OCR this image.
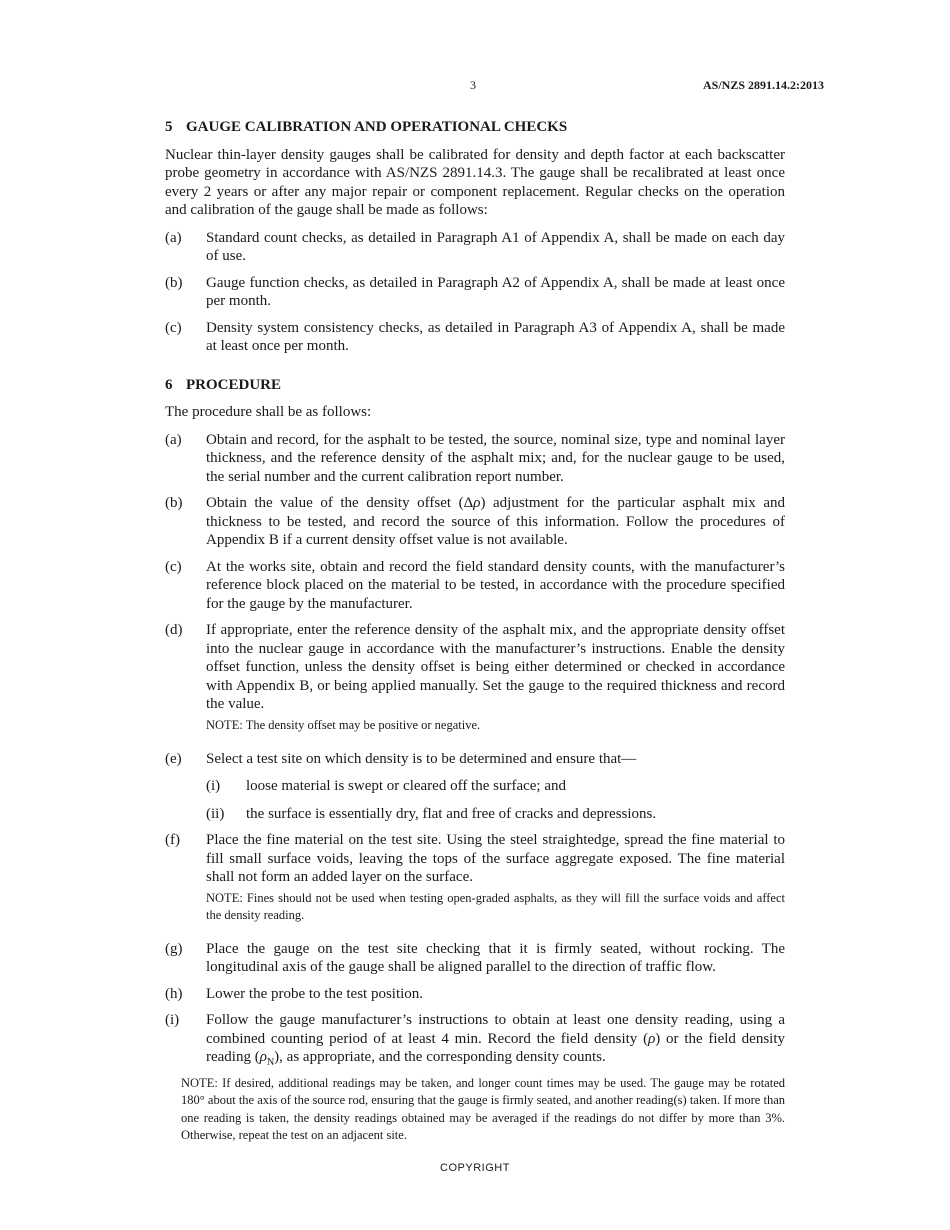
3	AS/NZS 2891.14.2:2013
5 GAUGE CALIBRATION AND OPERATIONAL CHECKS
Nuclear thin-layer density gauges shall be calibrated for density and depth factor at each backscatter probe geometry in accordance with AS/NZS 2891.14.3. The gauge shall be recalibrated at least once every 2 years or after any major repair or component replacement. Regular checks on the operation and calibration of the gauge shall be made as follows:
(a)	Standard count checks, as detailed in Paragraph A1 of Appendix A, shall be made on each day of use.
(b)	Gauge function checks, as detailed in Paragraph A2 of Appendix A, shall be made at least once per month.
(c)	Density system consistency checks, as detailed in Paragraph A3 of Appendix A, shall be made at least once per month.
6 PROCEDURE
The procedure shall be as follows:
(a)	Obtain and record, for the asphalt to be tested, the source, nominal size, type and nominal layer thickness, and the reference density of the asphalt mix; and, for the nuclear gauge to be used, the serial number and the current calibration report number.
(b)	Obtain the value of the density offset (Δρ) adjustment for the particular asphalt mix and thickness to be tested, and record the source of this information. Follow the procedures of Appendix B if a current density offset value is not available.
(c)	At the works site, obtain and record the field standard density counts, with the manufacturer’s reference block placed on the material to be tested, in accordance with the procedure specified for the gauge by the manufacturer.
(d)	If appropriate, enter the reference density of the asphalt mix, and the appropriate density offset into the nuclear gauge in accordance with the manufacturer’s instructions. Enable the density offset function, unless the density offset is being either determined or checked in accordance with Appendix B, or being applied manually. Set the gauge to the required thickness and record the value.
NOTE: The density offset may be positive or negative.
(e)	Select a test site on which density is to be determined and ensure that—
(i)	loose material is swept or cleared off the surface; and
(ii)	the surface is essentially dry, flat and free of cracks and depressions.
(f)	Place the fine material on the test site. Using the steel straightedge, spread the fine material to fill small surface voids, leaving the tops of the surface aggregate exposed. The fine material shall not form an added layer on the surface.
NOTE: Fines should not be used when testing open-graded asphalts, as they will fill the surface voids and affect the density reading.
(g)	Place the gauge on the test site checking that it is firmly seated, without rocking. The longitudinal axis of the gauge shall be aligned parallel to the direction of traffic flow.
(h)	Lower the probe to the test position.
(i)	Follow the gauge manufacturer’s instructions to obtain at least one density reading, using a combined counting period of at least 4 min. Record the field density (ρ) or the field density reading $(\rho_N)$, as appropriate, and the corresponding density counts.
NOTE: If desired, additional readings may be taken, and longer count times may be used. The gauge may be rotated 180° about the axis of the source rod, ensuring that the gauge is firmly seated, and another reading(s) taken. If more than one reading is taken, the density readings obtained may be averaged if the readings do not differ by more than 3%. Otherwise, repeat the test on an adjacent site.
COPYRIGHT
